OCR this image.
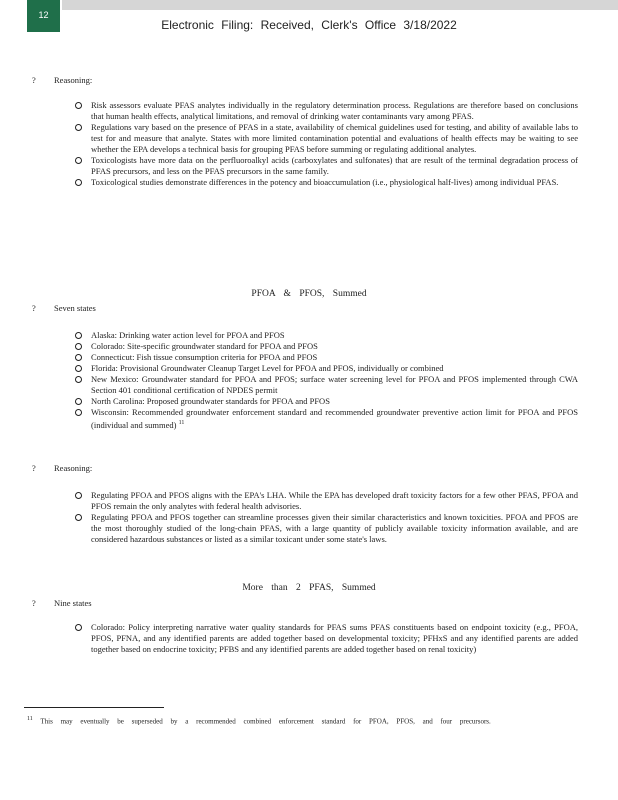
12
Electronic Filing: Received, Clerk's Office 3/18/2022
? Reasoning:
Risk assessors evaluate PFAS analytes individually in the regulatory determination process. Regulations are therefore based on conclusions that human health effects, analytical limitations, and removal of drinking water contaminants vary among PFAS.
Regulations vary based on the presence of PFAS in a state, availability of chemical guidelines used for testing, and ability of available labs to test for and measure that analyte. States with more limited contamination potential and evaluations of health effects may be waiting to see whether the EPA develops a technical basis for grouping PFAS before summing or regulating additional analytes.
Toxicologists have more data on the perfluoroalkyl acids (carboxylates and sulfonates) that are result of the terminal degradation process of PFAS precursors, and less on the PFAS precursors in the same family.
Toxicological studies demonstrate differences in the potency and bioaccumulation (i.e., physiological half-lives) among individual PFAS.
PFOA & PFOS, Summed
? Seven states
Alaska: Drinking water action level for PFOA and PFOS
Colorado: Site-specific groundwater standard for PFOA and PFOS
Connecticut: Fish tissue consumption criteria for PFOA and PFOS
Florida: Provisional Groundwater Cleanup Target Level for PFOA and PFOS, individually or combined
New Mexico: Groundwater standard for PFOA and PFOS; surface water screening level for PFOA and PFOS implemented through CWA Section 401 conditional certification of NPDES permit
North Carolina: Proposed groundwater standards for PFOA and PFOS
Wisconsin: Recommended groundwater enforcement standard and recommended groundwater preventive action limit for PFOA and PFOS (individual and summed) $^{11}$
? Reasoning:
Regulating PFOA and PFOS aligns with the EPA's LHA. While the EPA has developed draft toxicity factors for a few other PFAS, PFOA and PFOS remain the only analytes with federal health advisories.
Regulating PFOA and PFOS together can streamline processes given their similar characteristics and known toxicities. PFOA and PFOS are the most thoroughly studied of the long-chain PFAS, with a large quantity of publicly available toxicity information available, and are considered hazardous substances or listed as a similar toxicant under some state's laws.
More than 2 PFAS, Summed
? Nine states
Colorado: Policy interpreting narrative water quality standards for PFAS sums PFAS constituents based on endpoint toxicity (e.g., PFOA, PFOS, PFNA, and any identified parents are added together based on developmental toxicity; PFHxS and any identified parents are added together based on endocrine toxicity; PFBS and any identified parents are added together based on renal toxicity)
$^{11}$ This may eventually be superseded by a recommended combined enforcement standard for PFOA, PFOS, and four precursors.
